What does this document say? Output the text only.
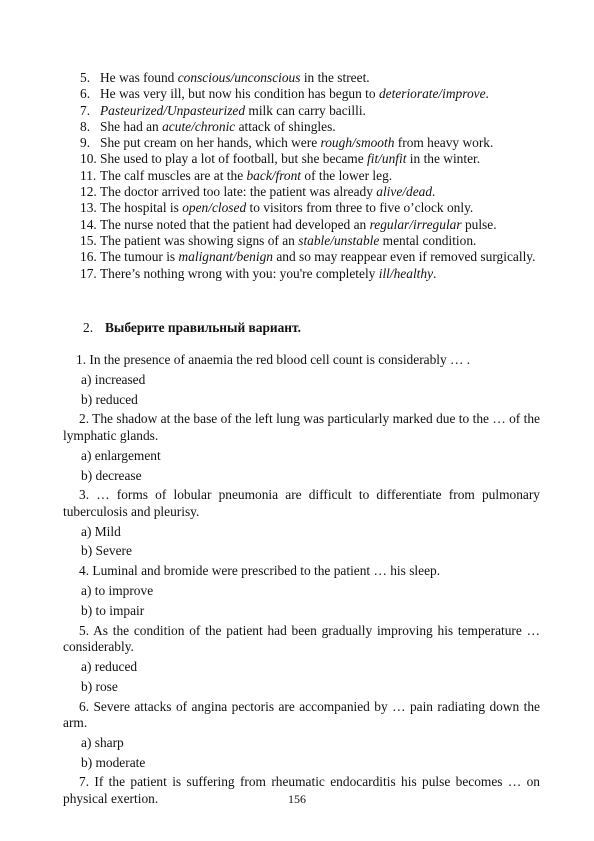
5. He was found conscious/unconscious in the street.
6. He was very ill, but now his condition has begun to deteriorate/improve.
7. Pasteurized/Unpasteurized milk can carry bacilli.
8. She had an acute/chronic attack of shingles.
9. She put cream on her hands, which were rough/smooth from heavy work.
10. She used to play a lot of football, but she became fit/unfit in the winter.
11. The calf muscles are at the back/front of the lower leg.
12. The doctor arrived too late: the patient was already alive/dead.
13. The hospital is open/closed to visitors from three to five o’clock only.
14. The nurse noted that the patient had developed an regular/irregular pulse.
15. The patient was showing signs of an stable/unstable mental condition.
16. The tumour is malignant/benign and so may reappear even if removed surgically.
17. There’s nothing wrong with you: you're completely ill/healthy.
2. Выберите правильный вариант.
1. In the presence of anaemia the red blood cell count is considerably … .
a) increased
b) reduced
2. The shadow at the base of the left lung was particularly marked due to the … of the lymphatic glands.
a) enlargement
b) decrease
3. … forms of lobular pneumonia are difficult to differentiate from pulmonary tuberculosis and pleurisy.
a) Mild
b) Severe
4. Luminal and bromide were prescribed to the patient … his sleep.
a) to improve
b) to impair
5. As the condition of the patient had been gradually improving his temperature … considerably.
a) reduced
b) rose
6. Severe attacks of angina pectoris are accompanied by … pain radiating down the arm.
a) sharp
b) moderate
7. If the patient is suffering from rheumatic endocarditis his pulse becomes … on physical exertion.	156
